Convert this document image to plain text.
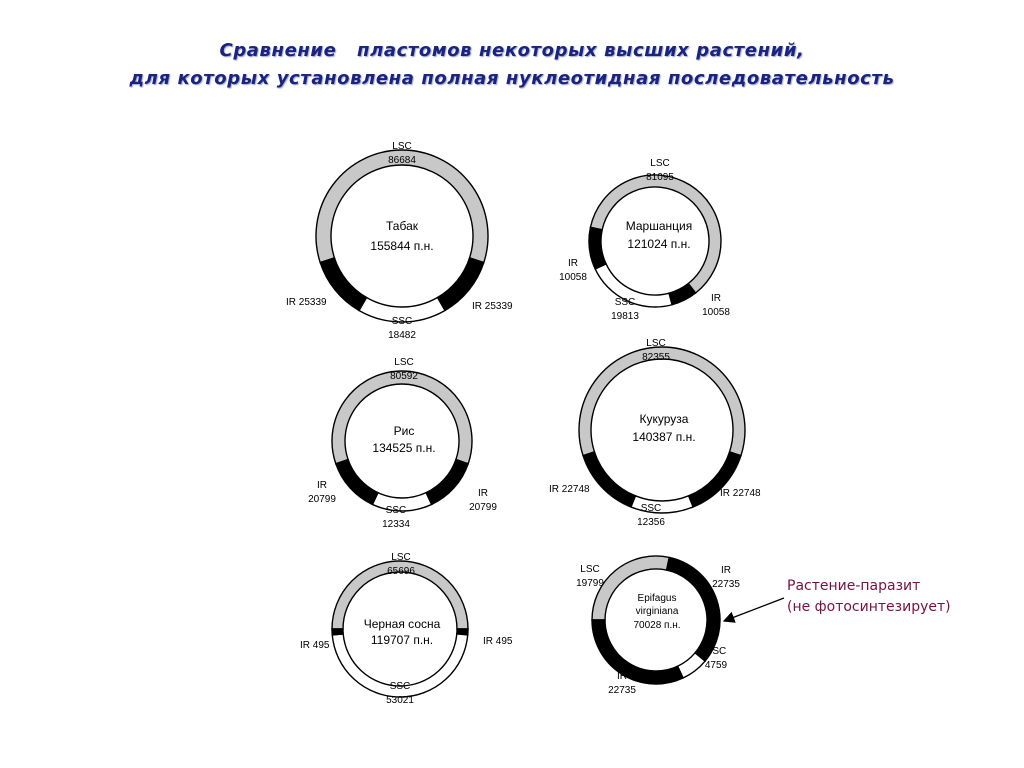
Сравнение   пластомов некоторых высших растений,
для которых установлена полная нуклеотидная последовательность
Табак
155844 п.н.
LSC
86684
SSC
18482
IR 25339	IR 25339
Маршанция
121024 п.н.
LSC
81095
SSC
19813
IR
10058
IR
10058
Рис
134525 п.н.
LSC
80592
SSC
12334
IR
20799
IR
20799
Кукуруза
140387 п.н.
LSC
82355
SSC
12356
IR 22748	IR 22748
Черная сосна
119707 п.н.
LSC
65696
SSC
53021
IR 495	IR 495
Epifagus
virginiana
70028 п.н.
LSC
19799
SSC
4759
IR
22735
IR
22735	Растение-паразит
(не фотосинтезирует)
